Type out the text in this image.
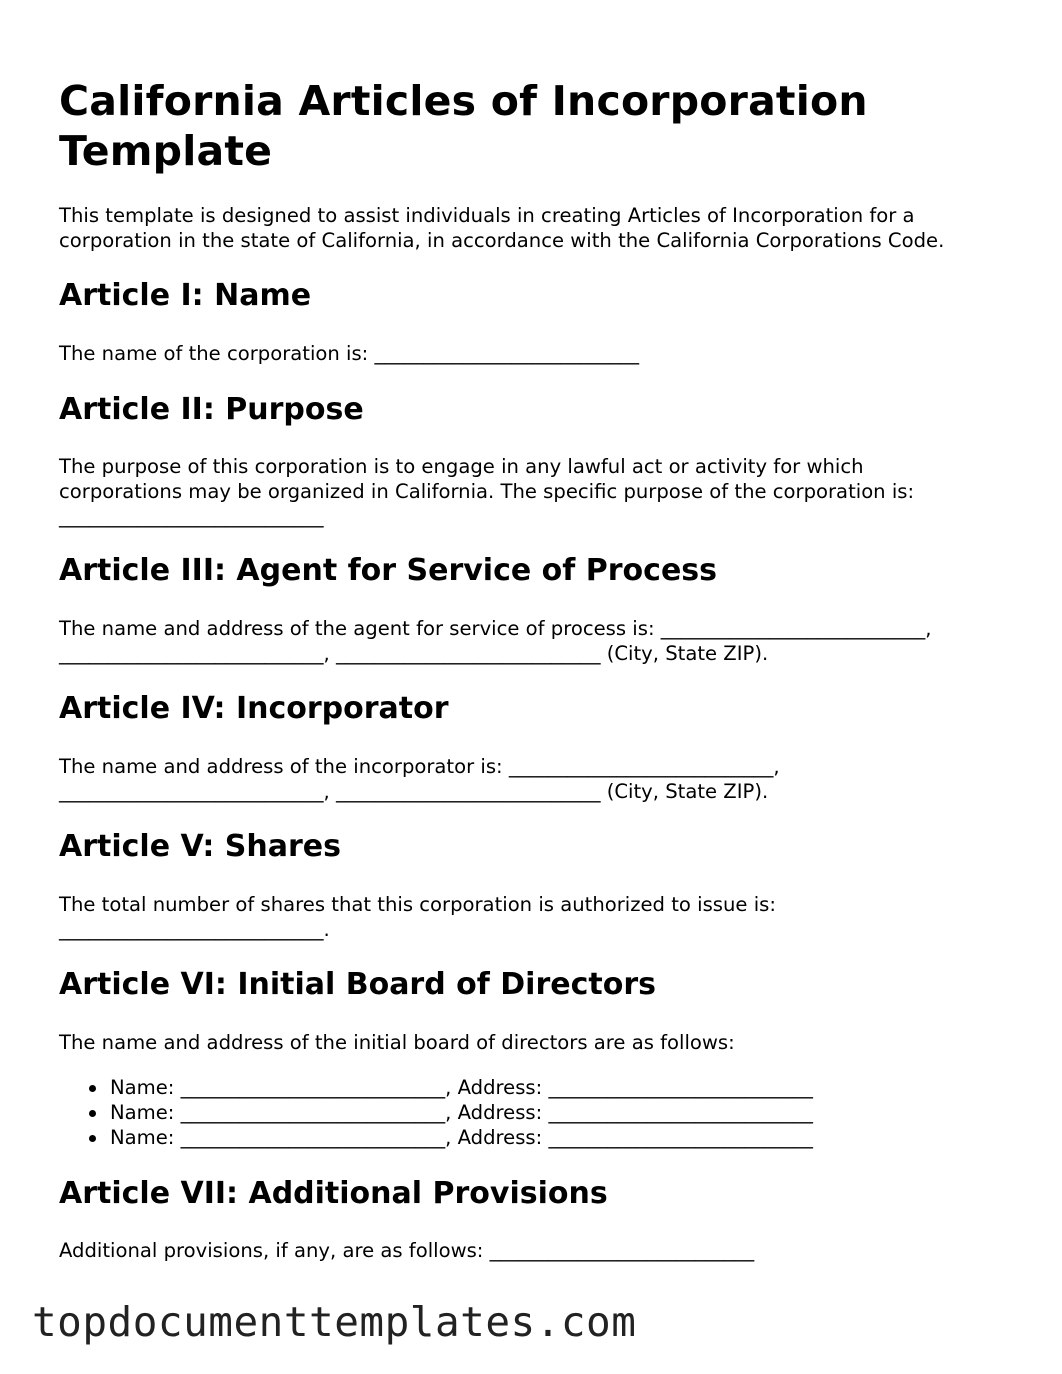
California Articles of Incorporation Template

This template is designed to assist individuals in creating Articles of Incorporation for a corporation in the state of California, in accordance with the California Corporations Code.

Article I: Name

The name of the corporation is: ___________________________

Article II: Purpose

The purpose of this corporation is to engage in any lawful act or activity for which

corporations may be organized in California. The specific purpose of the corporation is:

___________________________

Article III: Agent for Service of Process

The name and address of the agent for service of process is: ___________________________,

___________________________, ___________________________ (City, State ZIP).

Article IV: Incorporator

The name and address of the incorporator is: ___________________________,

___________________________, ___________________________ (City, State ZIP).

Article V: Shares

The total number of shares that this corporation is authorized to issue is:

___________________________.

Article VI: Initial Board of Directors

The name and address of the initial board of directors are as follows:

Name: ___________________________, Address: ___________________________
Name: ___________________________, Address: ___________________________
Name: ___________________________, Address: ___________________________
Article VII: Additional Provisions

Additional provisions, if any, are as follows: ___________________________

topdocumenttemplates.com
